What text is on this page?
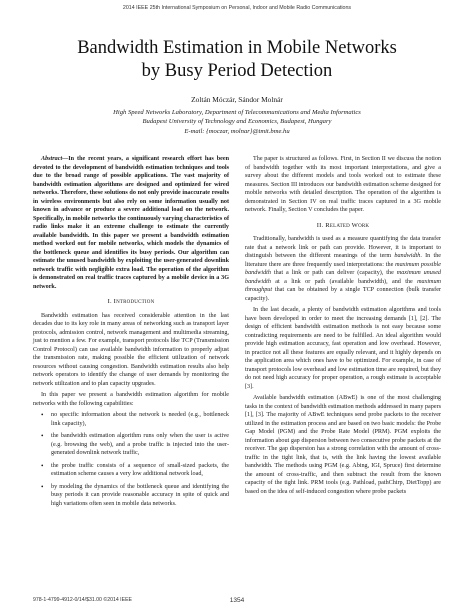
2014 IEEE 25th International Symposium on Personal, Indoor and Mobile Radio Communications
Bandwidth Estimation in Mobile Networks
by Busy Period Detection
Zoltán Móczár, Sándor Molnár
High Speed Networks Laboratory, Department of Telecommunications and Media Informatics
Budapest University of Technology and Economics, Budapest, Hungary
E-mail: {moczar, molnar}@tmit.bme.hu

Abstract—In the recent years, a significant research effort has been devoted to the development of bandwidth estimation techniques and tools due to the broad range of possible applications. The vast majority of bandwidth estimation algorithms are designed and optimized for wired networks. Therefore, these solutions do not only provide inaccurate results in wireless environments but also rely on some information usually not known in advance or produce a severe additional load on the network. Specifically, in mobile networks the continuously varying characteristics of radio links make it an extreme challenge to estimate the currently available bandwidth. In this paper we present a bandwidth estimation method worked out for mobile networks, which models the dynamics of the bottleneck queue and identifies its busy periods. Our algorithm can estimate the unused bandwidth by exploiting the user-generated downlink network traffic with negligible extra load. The operation of the algorithm is demonstrated on real traffic traces captured by a mobile device in a 3G network.

I. Introduction

Bandwidth estimation has received considerable attention in the last decades due to its key role in many areas of networking such as transport layer protocols, admission control, network management and multimedia streaming, just to mention a few. For example, transport protocols like TCP (Transmission Control Protocol) can use available bandwidth information to properly adjust the transmission rate, making possible the efficient utilization of network resources without causing congestion. Bandwidth estimation results also help network operators to identify the change of user demands by monitoring the network utilization and to plan capacity upgrades.

In this paper we present a bandwidth estimation algorithm for mobile networks with the following capabilities:

• no specific information about the network is needed (e.g., bottleneck link capacity),
• the bandwidth estimation algorithm runs only when the user is active (e.g. browsing the web), and a probe traffic is injected into the user-generated downlink network traffic,
• the probe traffic consists of a sequence of small-sized packets, the estimation scheme causes a very low additional network load,
• by modeling the dynamics of the bottleneck queue and identifying the busy periods it can provide reasonable accuracy in spite of quick and high variations often seen in mobile data networks.

The paper is structured as follows. First, in Section II we discuss the notion of bandwidth together with its most important interpretations, and give a survey about the different models and tools worked out to estimate these measures. Section III introduces our bandwidth estimation scheme designed for mobile networks with detailed description. The operation of the algorithm is demonstrated in Section IV on real traffic traces captured in a 3G mobile network. Finally, Section V concludes the paper.

II. Related Work

Traditionally, bandwidth is used as a measure quantifying the data transfer rate that a network link or path can provide. However, it is important to distinguish between the different meanings of the term bandwidth. In the literature there are three frequently used interpretations: the maximum possible bandwidth that a link or path can deliver (capacity), the maximum unused bandwidth at a link or path (available bandwidth), and the maximum throughput that can be obtained by a single TCP connection (bulk transfer capacity).

In the last decade, a plenty of bandwidth estimation algorithms and tools have been developed in order to meet the increasing demands [1], [2]. The design of efficient bandwidth estimation methods is not easy because some contradicting requirements are need to be fulfilled. An ideal algorithm would provide high estimation accuracy, fast operation and low overhead. However, in practice not all these features are equally relevant, and it highly depends on the application area which ones have to be optimized. For example, in case of transport protocols low overhead and low estimation time are required, but they do not need high accuracy for proper operation, a rough estimate is acceptable [3].

Available bandwidth estimation (ABwE) is one of the most challenging tasks in the context of bandwidth estimation methods addressed in many papers [1], [3]. The majority of ABwE techniques send probe packets to the receiver utilized in the estimation process and are based on two basic models: the Probe Gap Model (PGM) and the Probe Rate Model (PRM). PGM exploits the information about gap dispersion between two consecutive probe packets at the receiver. The gap dispersion has a strong correlation with the amount of cross-traffic in the tight link, that is, with the link having the lowest available bandwidth. The methods using PGM (e.g. Abing, IGI, Spruce) first determine the amount of cross-traffic, and then subtract the result from the known capacity of the tight link. PRM tools (e.g. Pathload, pathChirp, DietTopp) are based on the idea of self-induced congestion where probe packets

978-1-4799-4912-0/14/$31.00 ©2014 IEEE	1354
